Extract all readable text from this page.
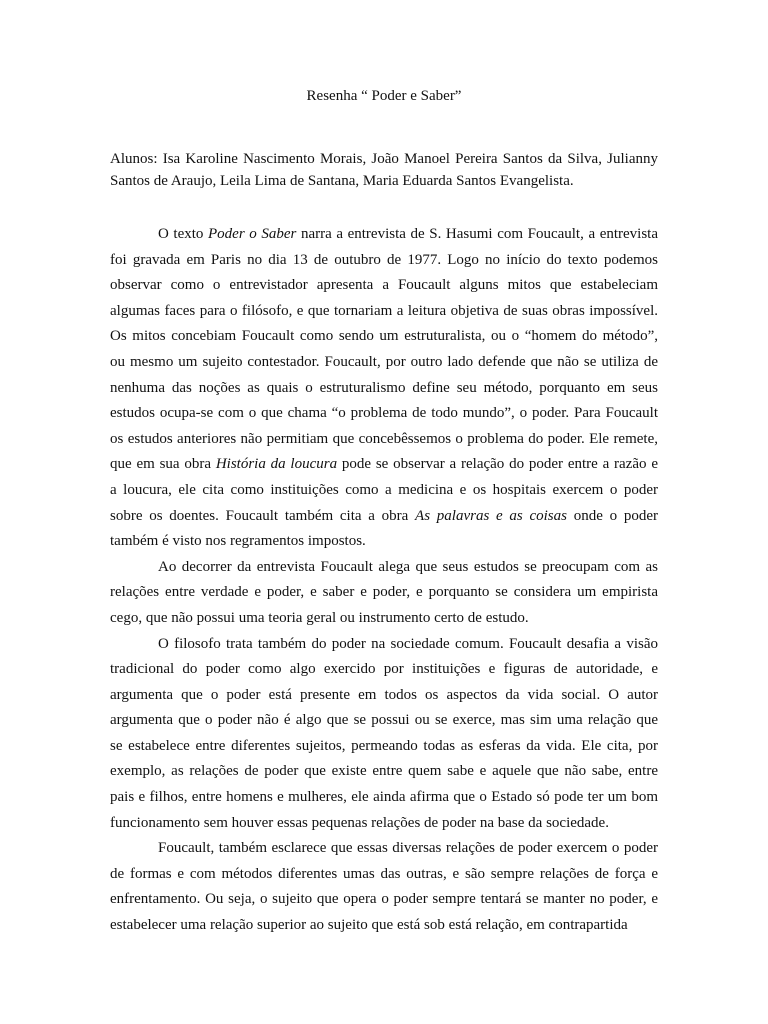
Resenha “ Poder e Saber”
Alunos: Isa Karoline Nascimento Morais, João Manoel Pereira Santos da Silva, Julianny
Santos de Araujo, Leila Lima de Santana, Maria Eduarda Santos Evangelista.
O texto Poder o Saber narra a entrevista de S. Hasumi com Foucault, a entrevista
foi gravada em Paris no dia 13 de outubro de 1977. Logo no início do texto podemos
observar como o entrevistador apresenta a Foucault alguns mitos que estabeleciam
algumas faces para o filósofo, e que tornariam a leitura objetiva de suas obras impossível.
Os mitos concebiam Foucault como sendo um estruturalista, ou o “homem do método”,
ou mesmo um sujeito contestador. Foucault, por outro lado defende que não se utiliza de
nenhuma das noções as quais o estruturalismo define seu método, porquanto em seus
estudos ocupa-se com o que chama “o problema de todo mundo”, o poder. Para Foucault
os estudos anteriores não permitiam que concebêssemos o problema do poder. Ele remete,
que em sua obra História da loucura pode se observar a relação do poder entre a razão e
a loucura, ele cita como instituições como a medicina e os hospitais exercem o poder
sobre os doentes. Foucault também cita a obra As palavras e as coisas onde o poder
também é visto nos regramentos impostos.
Ao decorrer da entrevista Foucault alega que seus estudos se preocupam com as
relações entre verdade e poder, e saber e poder, e porquanto se considera um empirista
cego, que não possui uma teoria geral ou instrumento certo de estudo.
O filosofo trata também do poder na sociedade comum. Foucault desafia a visão
tradicional do poder como algo exercido por instituições e figuras de autoridade, e
argumenta que o poder está presente em todos os aspectos da vida social. O autor
argumenta que o poder não é algo que se possui ou se exerce, mas sim uma relação que
se estabelece entre diferentes sujeitos, permeando todas as esferas da vida. Ele cita, por
exemplo, as relações de poder que existe entre quem sabe e aquele que não sabe, entre
pais e filhos, entre homens e mulheres, ele ainda afirma que o Estado só pode ter um bom
funcionamento sem houver essas pequenas relações de poder na base da sociedade.
Foucault, também esclarece que essas diversas relações de poder exercem o poder
de formas e com métodos diferentes umas das outras, e são sempre relações de força e
enfrentamento. Ou seja, o sujeito que opera o poder sempre tentará se manter no poder, e
estabelecer uma relação superior ao sujeito que está sob está relação, em contrapartida
